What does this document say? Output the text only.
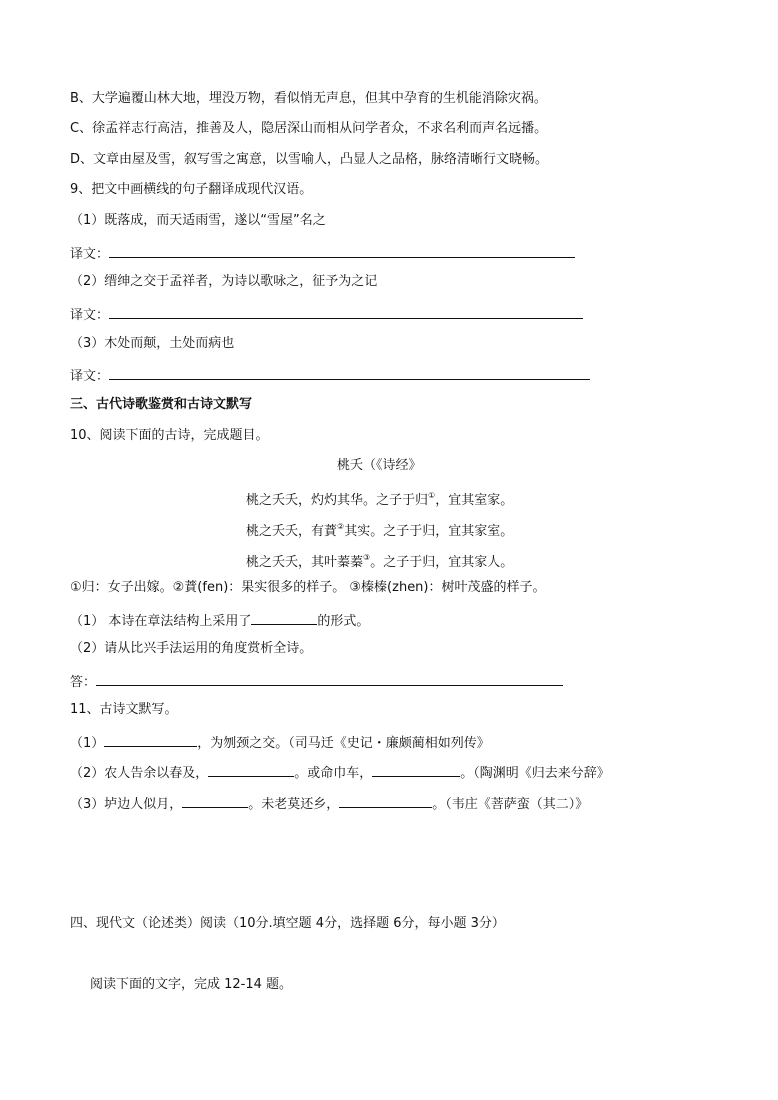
B、大学遍覆山林大地，埋没万物，看似悄无声息，但其中孕育的生机能消除灾祸。
C、徐孟祥志行高洁，推善及人，隐居深山而相从问学者众，不求名利而声名远播。
D、文章由屋及雪，叙写雪之寓意，以雪喻人，凸显人之品格，脉络清晰行文晓畅。
9、把文中画横线的句子翻译成现代汉语。
（1）既落成，而天适雨雪，遂以“雪屋”名之
译文：
（2）缙绅之交于孟祥者，为诗以歌咏之，征予为之记
译文：
（3）木处而颠，土处而病也
译文：
三、古代诗歌鉴赏和古诗文默写
10、阅读下面的古诗，完成题目。
桃夭（《诗经》
桃之夭夭，灼灼其华。之子于归①，宜其室家。
桃之夭夭，有蕡②其实。之子于归，宜其家室。
桃之夭夭，其叶蓁蓁③。之子于归，宜其家人。
①归：女子出嫁。②蕡(fen)：果实很多的样子。 ③榛榛(zhen)：树叶茂盛的样子。
（1） 本诗在章法结构上采用了	的形式。
（2）请从比兴手法运用的角度赏析全诗。
答：
11、古诗文默写。
（1）	，为刎颈之交。（司马迁《史记・廉颇蔺相如列传》
（2）农人告余以春及，	。或命巾车，	。（陶渊明《归去来兮辞》
（3）垆边人似月，	。未老莫还乡，	。（韦庄《菩萨蛮（其二）》
四、现代文（论述类）阅读（10分.填空题 4分，选择题 6分，每小题 3分）
阅读下面的文字，完成 12-14 题。
